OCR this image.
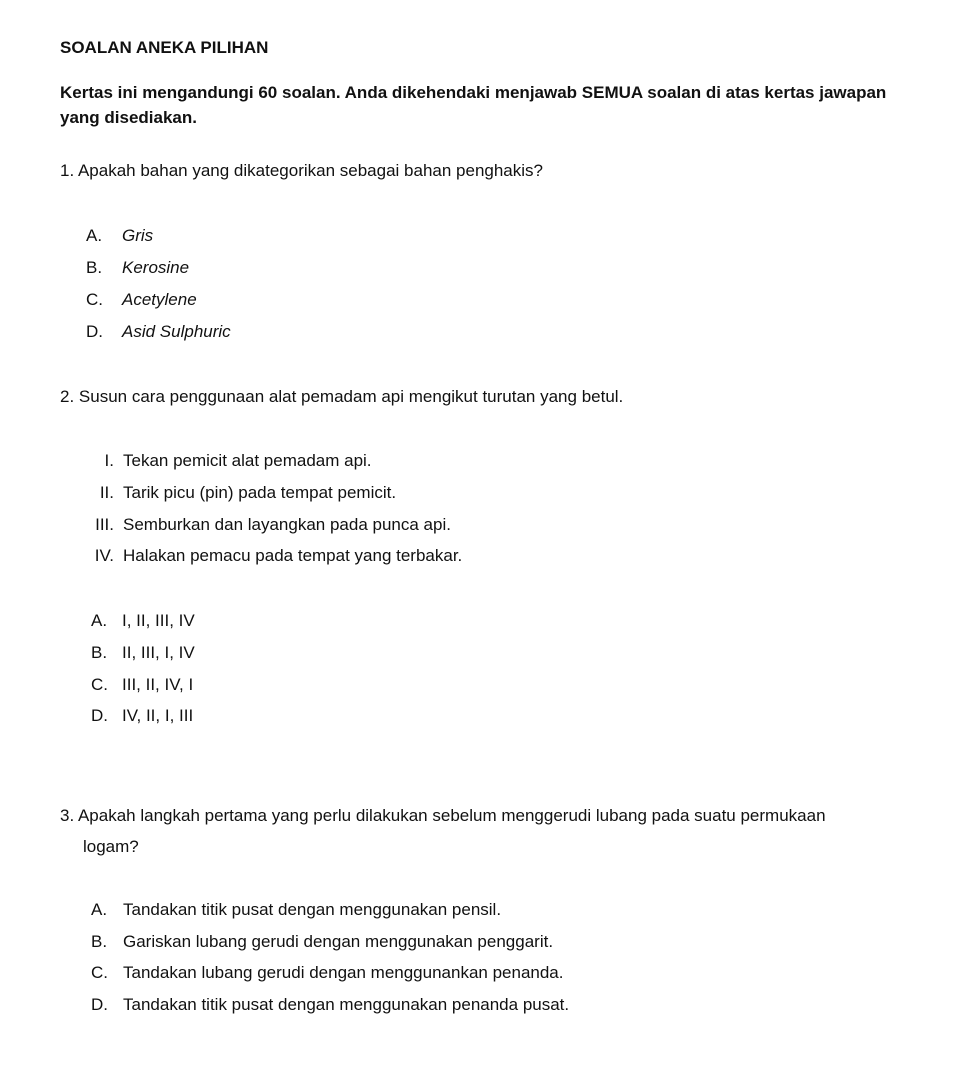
SOALAN ANEKA PILIHAN
Kertas ini mengandungi 60 soalan. Anda dikehendaki menjawab SEMUA soalan di atas kertas jawapan yang disediakan.
1. Apakah bahan yang dikategorikan sebagai bahan penghakis?
A. Gris
B. Kerosine
C. Acetylene
D. Asid Sulphuric
2. Susun cara penggunaan alat pemadam api mengikut turutan yang betul.
I. Tekan pemicit alat pemadam api.
II. Tarik picu (pin) pada tempat pemicit.
III. Semburkan dan layangkan pada punca api.
IV. Halakan pemacu pada tempat yang terbakar.
A. I, II, III, IV
B. II, III, I, IV
C. III, II, IV, I
D. IV, II, I, III
3. Apakah langkah pertama yang perlu dilakukan sebelum menggerudi lubang pada suatu permukaan
logam?
A. Tandakan titik pusat dengan menggunakan pensil.
B. Gariskan lubang gerudi dengan menggunakan penggarit.
C. Tandakan lubang gerudi dengan menggunankan penanda.
D. Tandakan titik pusat dengan menggunakan penanda pusat.
